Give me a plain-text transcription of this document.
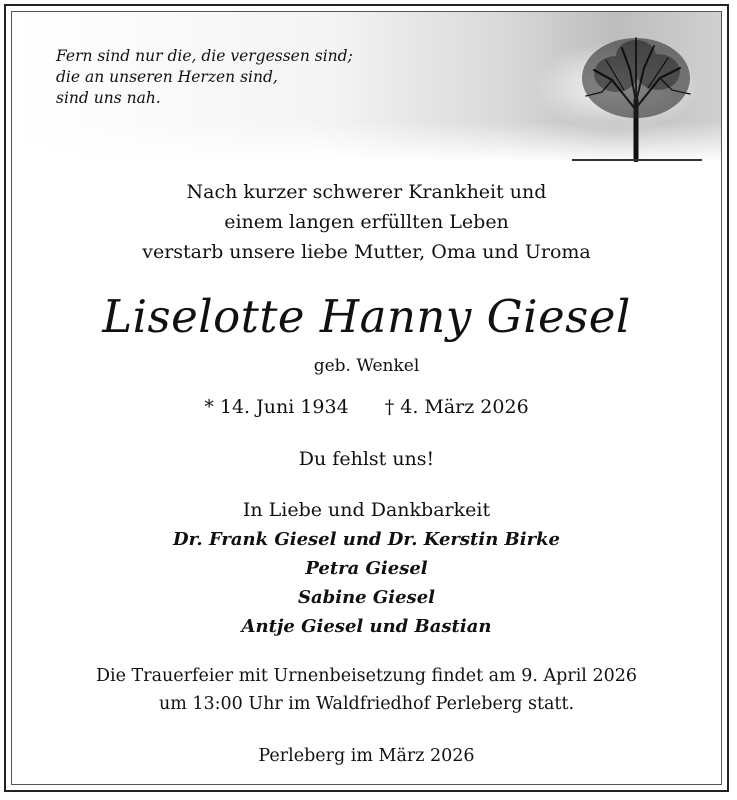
Fern sind nur die, die vergessen sind;
die an unseren Herzen sind,
sind uns nah.
Nach kurzer schwerer Krankheit und
einem langen erfüllten Leben
verstarb unsere liebe Mutter, Oma und Uroma
Liselotte Hanny Giesel
geb. Wenkel
* 14. Juni 1934 † 4. März 2026
Du fehlst uns!
In Liebe und Dankbarkeit
Dr. Frank Giesel und Dr. Kerstin Birke
Petra Giesel
Sabine Giesel
Antje Giesel und Bastian
Die Trauerfeier mit Urnenbeisetzung findet am 9. April 2026
um 13:00 Uhr im Waldfriedhof Perleberg statt.
Perleberg im März 2026
